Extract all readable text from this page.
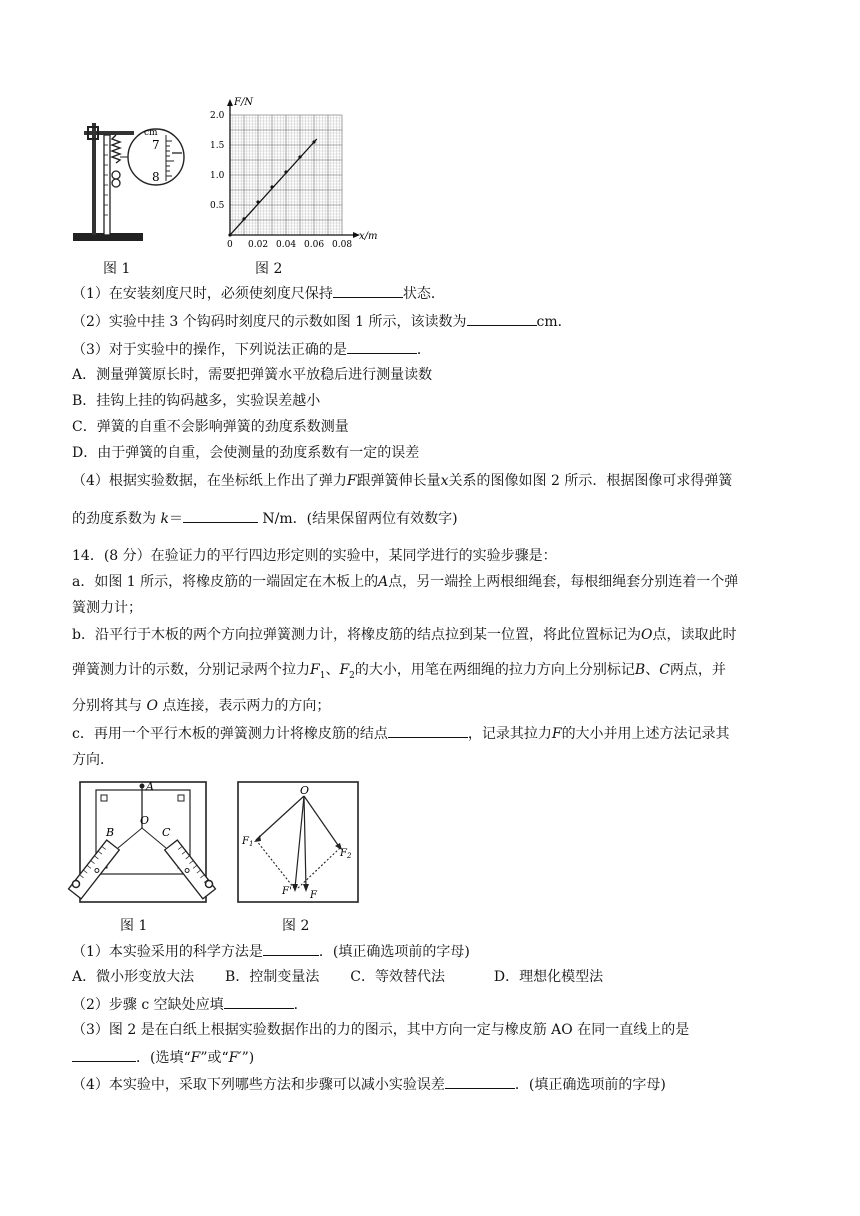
cm
7
8
图 1
F/N
x/m
0 0.02 0.04 0.06 0.08
0.5
1.0
1.5
2.0
图 2
（1）在安装刻度尺时，必须使刻度尺保持	状态．
（2）实验中挂 3 个钩码时刻度尺的示数如图 1 所示，该读数为	cm．
（3）对于实验中的操作，下列说法正确的是	．
A．测量弹簧原长时，需要把弹簧水平放稳后进行测量读数
B．挂钩上挂的钩码越多，实验误差越小
C．弹簧的自重不会影响弹簧的劲度系数测量
D．由于弹簧的自重，会使测量的劲度系数有一定的误差
（4）根据实验数据，在坐标纸上作出了弹力F跟弹簧伸长量x关系的图像如图 2 所示．根据图像可求得弹簧
的劲度系数为 k＝	N/m．(结果保留两位有效数字)
14．(8 分）在验证力的平行四边形定则的实验中，某同学进行的实验步骤是：
a．如图 1 所示，将橡皮筋的一端固定在木板上的A点，另一端拴上两根细绳套，每根细绳套分别连着一个弹
簧测力计；
b．沿平行于木板的两个方向拉弹簧测力计，将橡皮筋的结点拉到某一位置，将此位置标记为O点，读取此时
弹簧测力计的示数，分别记录两个拉力$F_1$、$F_2$的大小，用笔在两细绳的拉力方向上分别标记B、C两点，并
分别将其与 O 点连接，表示两力的方向；
c．再用一个平行木板的弹簧测力计将橡皮筋的结点	，记录其拉力F的大小并用上述方法记录其
方向．
A
O
B	C
图 1
O
$F_1$
$F_2$
F' F
图 2
（1）本实验采用的科学方法是	．(填正确选项前的字母)
A．微小形变放大法 B．控制变量法 C．等效替代法	D．理想化模型法
（2）步骤 c 空缺处应填	．
（3）图 2 是在白纸上根据实验数据作出的力的图示，其中方向一定与橡皮筋 AO 在同一直线上的是
．(选填“F”或“F′”)
（4）本实验中，采取下列哪些方法和步骤可以减小实验误差	．(填正确选项前的字母)
